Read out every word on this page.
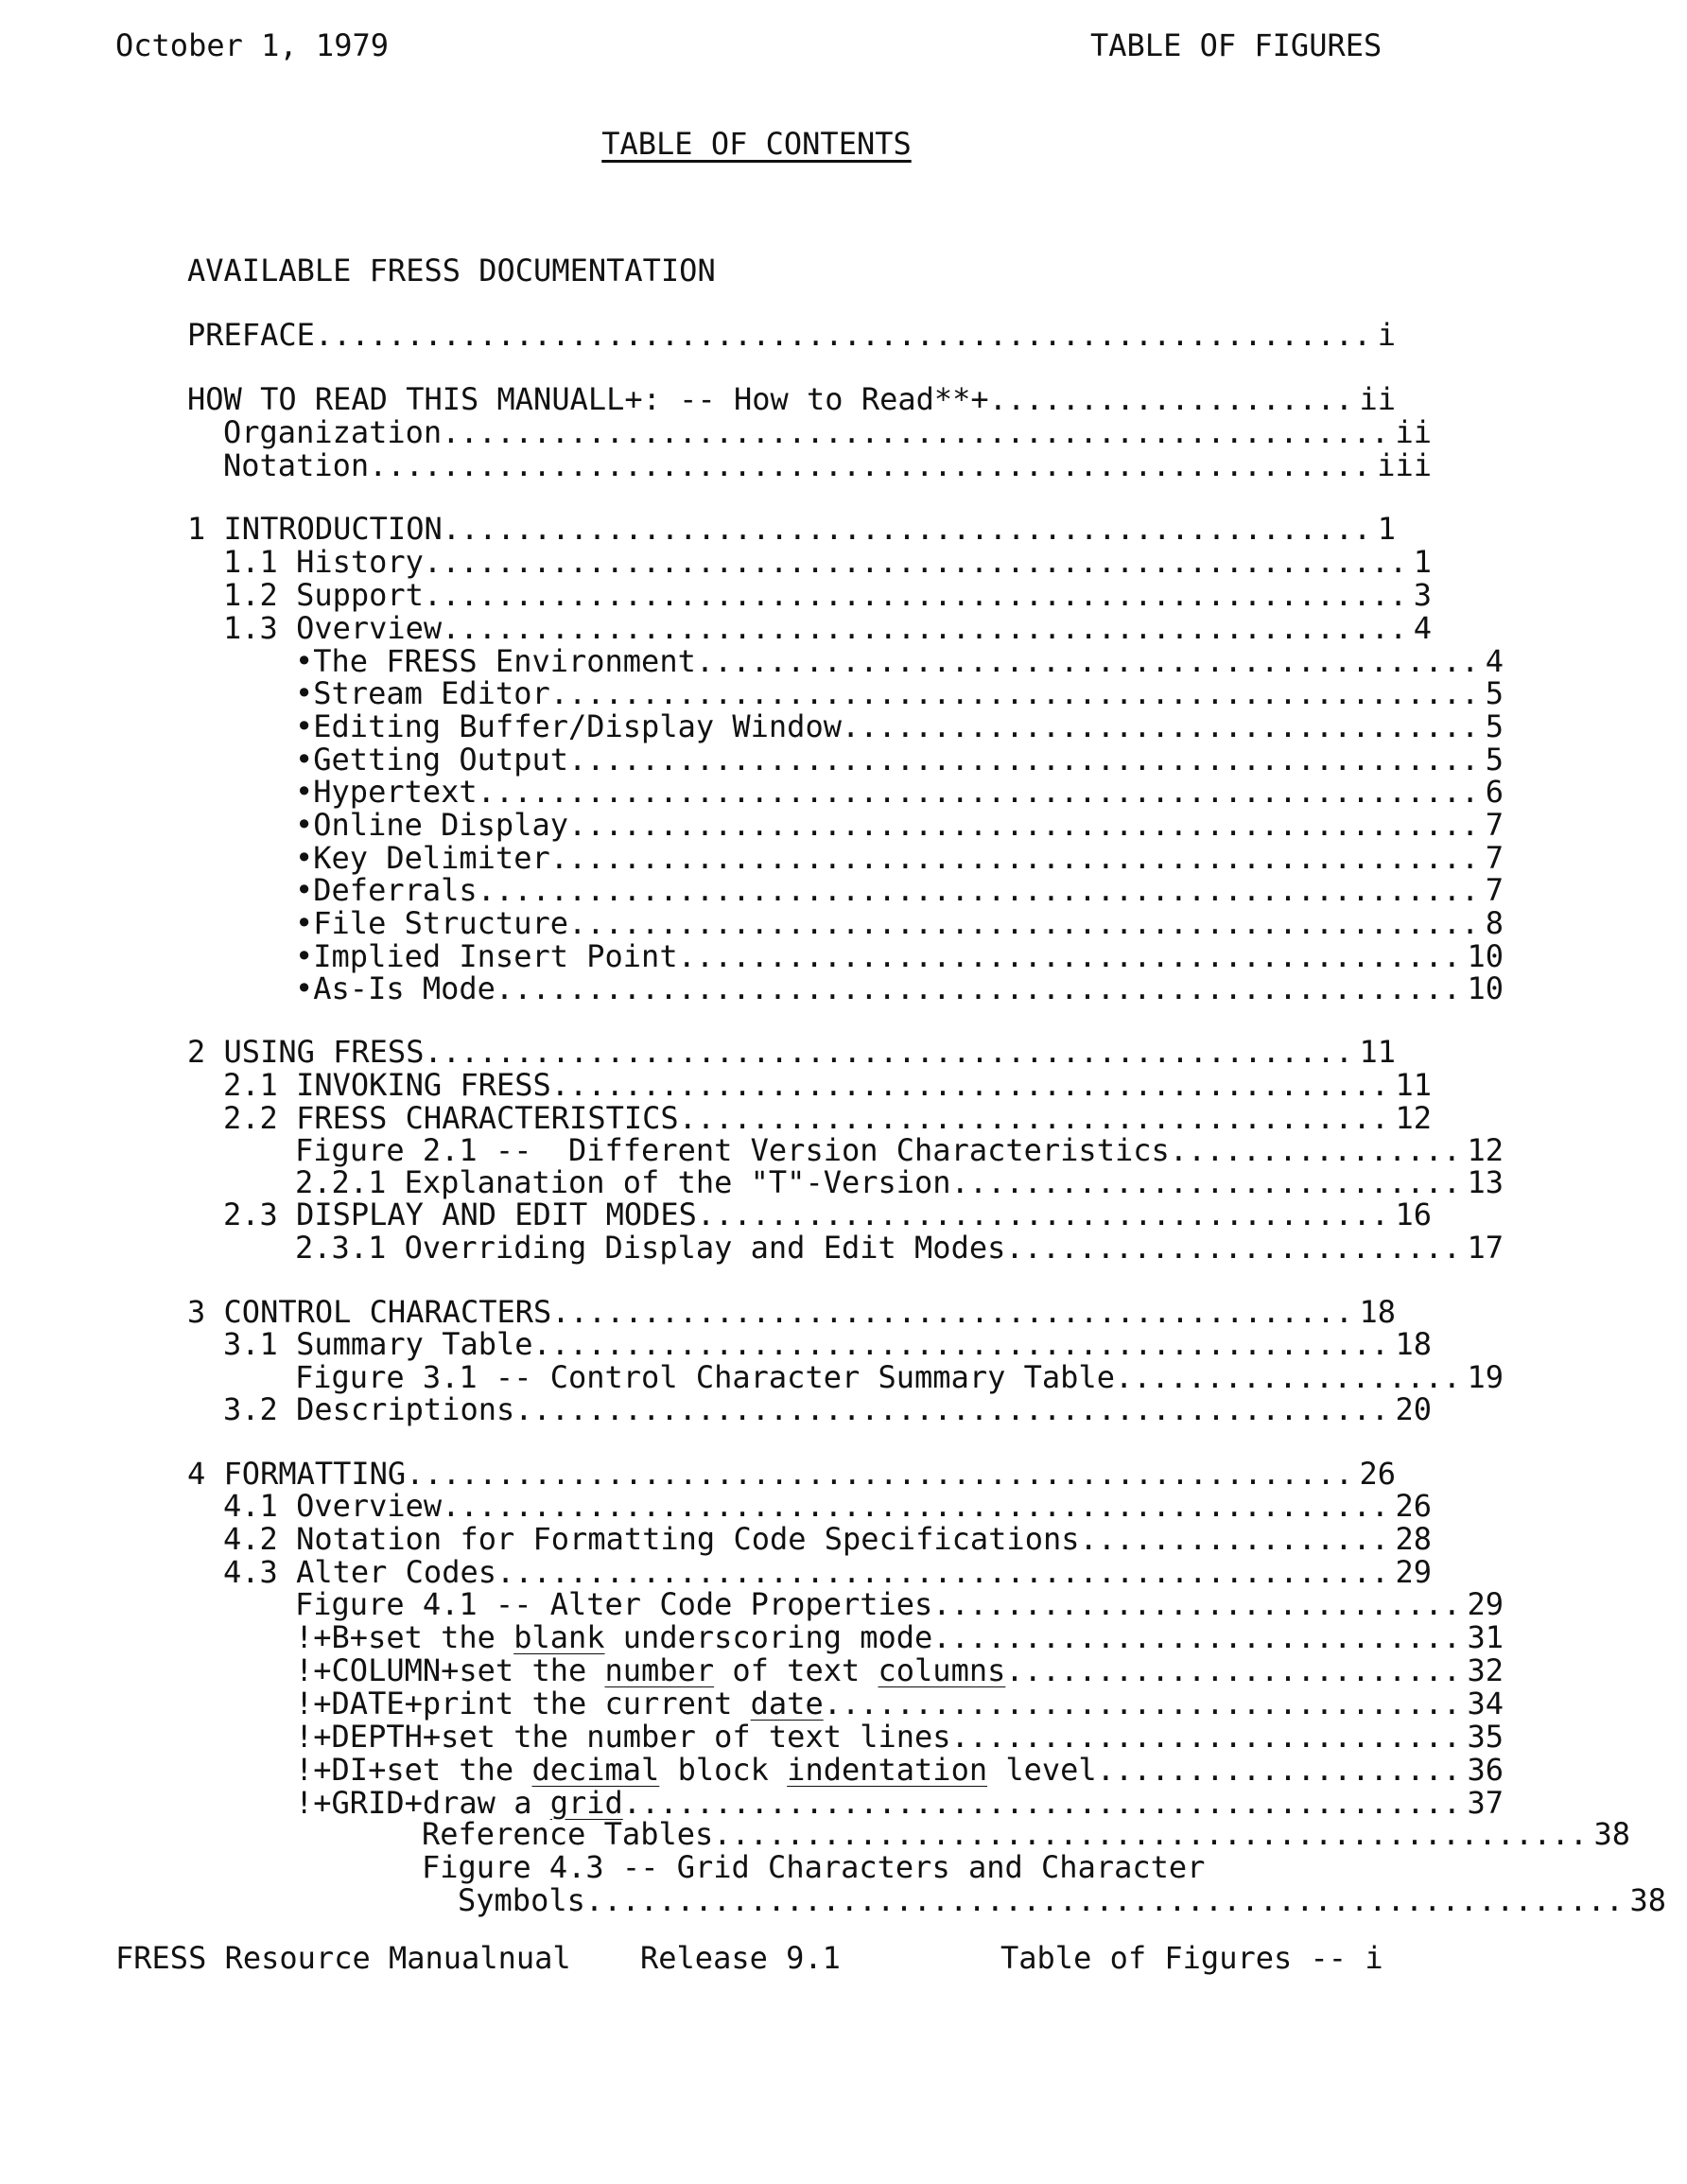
October 1, 1979	TABLE OF FIGURES
TABLE OF CONTENTS
AVAILABLE FRESS DOCUMENTATION
PREFACE .....	i
HOW TO READ THIS MANUALL+: -- How to Read**+ .....	ii
Organization .....	ii
Notation .....	iii
1 INTRODUCTION .....	1
1.1 History .....	1
1.2 Support .....	3
1.3 Overview .....	4
• The FRESS Environment .....	4
• Stream Editor .....	5
• Editing Buffer/Display Window .....	5
• Getting Output .....	5
• Hypertext .....	6
• Online Display .....	7
• Key Delimiter .....	7
• Deferrals .....	7
• File Structure .....	8
• Implied Insert Point .....	10
• As-Is Mode .....	10
2 USING FRESS .....	11
2.1 INVOKING FRESS .....	11
2.2 FRESS CHARACTERISTICS .....	12
Figure 2.1 --  Different Version Characteristics .....	12
2.2.1 Explanation of the "T"-Version .....	13
2.3 DISPLAY AND EDIT MODES .....	16
2.3.1 Overriding Display and Edit Modes .....	17
3 CONTROL CHARACTERS .....	18
3.1 Summary Table .....	18
Figure 3.1 -- Control Character Summary Table .....	19
3.2 Descriptions .....	20
4 FORMATTING .....	26
4.1 Overview .....	26
4.2 Notation for Formatting Code Specifications .....	28
4.3 Alter Codes .....	29
Figure 4.1 -- Alter Code Properties .....	29
!+B+ set the blank underscoring mode .....	31
!+COLUMN+ set the number of text columns .....	32
!+DATE+ print the current date .....	34
!+DEPTH+ set the number of text lines .....	35
!+DI+ set the decimal block indentation level .....	36
!+GRID+ draw a grid .....	37
Reference Tables .....	38
Figure 4.3 -- Grid Characters and Character
Symbols .....	38
FRESS Resource Manualnual Release 9.1	Table of Figures -- i
